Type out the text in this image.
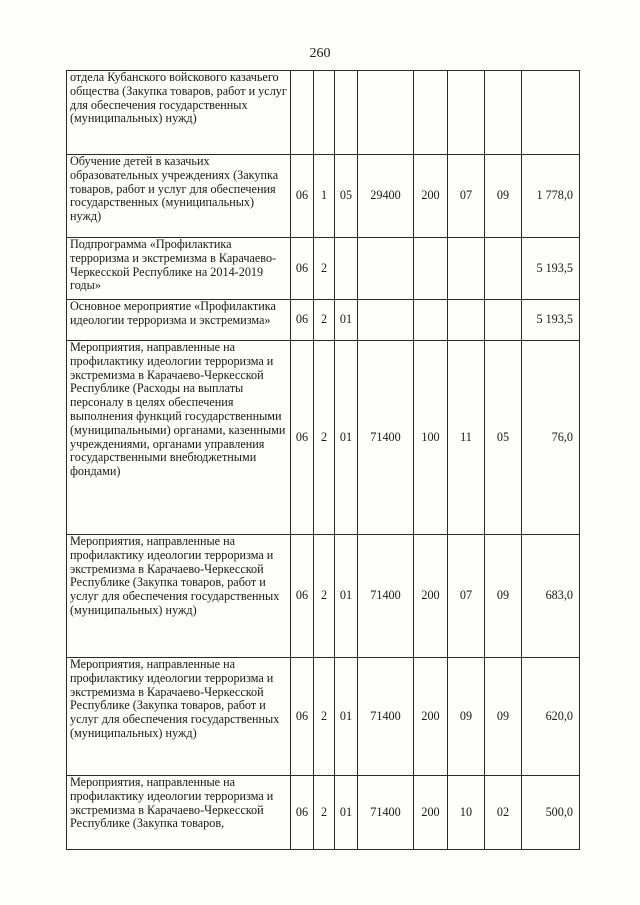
260
отдела Кубанского войскового казачьего общества (Закупка товаров, работ и услуг для обеспечения государственных (муниципальных) нужд)								
Обучение детей в казачьих образовательных учреждениях (Закупка товаров, работ и услуг для обеспечения государственных (муниципальных) нужд)	06	1	05	29400	200	07	09	1 778,0
Подпрограмма «Профилактика терроризма и экстремизма в Карачаево-Черкесской Республике на 2014-2019 годы»	06	2						5 193,5
Основное мероприятие «Профилактика идеологии терроризма и экстремизма»	06	2	01					5 193,5
Мероприятия, направленные на профилактику идеологии терроризма и экстремизма в Карачаево-Черкесской Республике (Расходы на выплаты персоналу в целях обеспечения выполнения функций государственными (муниципальными) органами, казенными учреждениями, органами управления государственными внебюджетными фондами)	06	2	01	71400	100	11	05	76,0
Мероприятия, направленные на профилактику идеологии терроризма и экстремизма в Карачаево-Черкесской Республике (Закупка товаров, работ и услуг для обеспечения государственных (муниципальных) нужд)	06	2	01	71400	200	07	09	683,0
Мероприятия, направленные на профилактику идеологии терроризма и экстремизма в Карачаево-Черкесской Республике (Закупка товаров, работ и услуг для обеспечения государственных (муниципальных) нужд)	06	2	01	71400	200	09	09	620,0
Мероприятия, направленные на профилактику идеологии терроризма и экстремизма в Карачаево-Черкесской Республике (Закупка товаров,	06	2	01	71400	200	10	02	500,0
